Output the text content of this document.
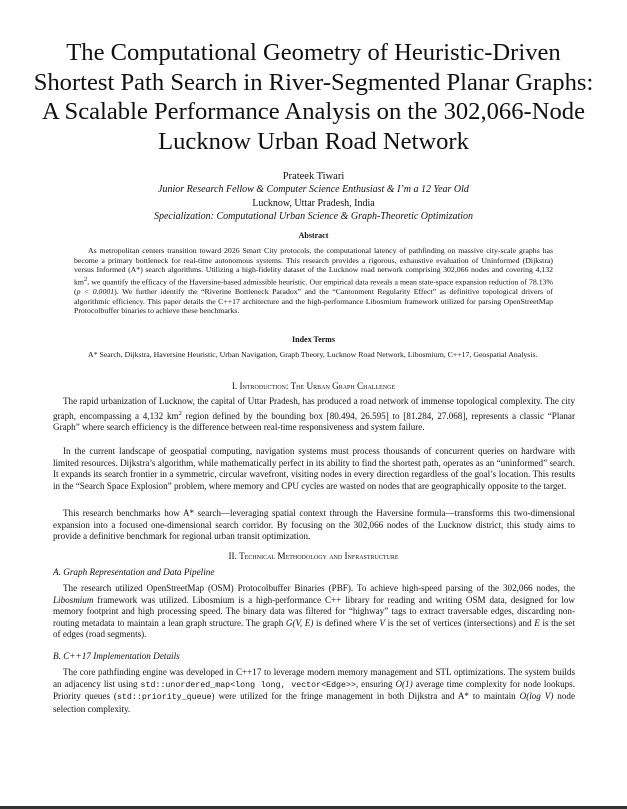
The Computational Geometry of Heuristic-Driven Shortest Path Search in River-Segmented Planar Graphs: A Scalable Performance Analysis on the 302,066-Node Lucknow Urban Road Network
Prateek Tiwari
Junior Research Fellow & Computer Science Enthusiast & I’m a 12 Year Old
Lucknow, Uttar Pradesh, India
Specialization: Computational Urban Science & Graph-Theoretic Optimization
Abstract

As metropolitan centers transition toward 2026 Smart City protocols, the computational latency of pathfinding on massive city-scale graphs has become a primary bottleneck for real-time autonomous systems. This research provides a rigorous, exhaustive evaluation of Uninformed (Dijkstra) versus Informed (A*) search algorithms. Utilizing a high-fidelity dataset of the Lucknow road network comprising 302,066 nodes and covering 4,132 $km^2$, we quantify the efficacy of the Haversine-based admissible heuristic. Our empirical data reveals a mean state-space expansion reduction of 78.13% (p < 0.0001). We further identify the “Riverine Bottleneck Paradox” and the “Cantonment Regularity Effect” as definitive topological drivers of algorithmic efficiency. This paper details the C++17 architecture and the high-performance Libosmium framework utilized for parsing OpenStreetMap Protocolbuffer binaries to achieve these benchmarks.

Index Terms

A* Search, Dijkstra, Haversine Heuristic, Urban Navigation, Graph Theory, Lucknow Road Network, Libosmium, C++17, Geospatial Analysis.

I. Introduction: The Urban Graph Challenge

The rapid urbanization of Lucknow, the capital of Uttar Pradesh, has produced a road network of immense topological complexity. The city graph, encompassing a 4,132 $km^2$ region defined by the bounding box [80.494, 26.595] to [81.284, 27.068], represents a classic “Planar Graph” where search efficiency is the difference between real-time responsiveness and system failure.

In the current landscape of geospatial computing, navigation systems must process thousands of concurrent queries on hardware with limited resources. Dijkstra’s algorithm, while mathematically perfect in its ability to find the shortest path, operates as an “uninformed” search. It expands its search frontier in a symmetric, circular wavefront, visiting nodes in every direction regardless of the goal’s location. This results in the “Search Space Explosion” problem, where memory and CPU cycles are wasted on nodes that are geographically opposite to the target.

This research benchmarks how A* search—leveraging spatial context through the Haversine formula—transforms this two-dimensional expansion into a focused one-dimensional search corridor. By focusing on the 302,066 nodes of the Lucknow district, this study aims to provide a definitive benchmark for regional urban transit optimization.

II. Technical Methodology and Infrastructure
A. Graph Representation and Data Pipeline

The research utilized OpenStreetMap (OSM) Protocolbuffer Binaries (PBF). To achieve high-speed parsing of the 302,066 nodes, the Libosmium framework was utilized. Libosmium is a high-performance C++ library for reading and writing OSM data, designed for low memory footprint and high processing speed. The binary data was filtered for “highway” tags to extract traversable edges, discarding non-routing metadata to maintain a lean graph structure. The graph G(V, E) is defined where V is the set of vertices (intersections) and E is the set of edges (road segments).

B. C++17 Implementation Details

The core pathfinding engine was developed in C++17 to leverage modern memory management and STL optimizations. The system builds an adjacency list using std::unordered_map<long long, vector<Edge>>, ensuring O(1) average time complexity for node lookups. Priority queues (std::priority_queue) were utilized for the fringe management in both Dijkstra and A* to maintain O(log V) node selection complexity.
